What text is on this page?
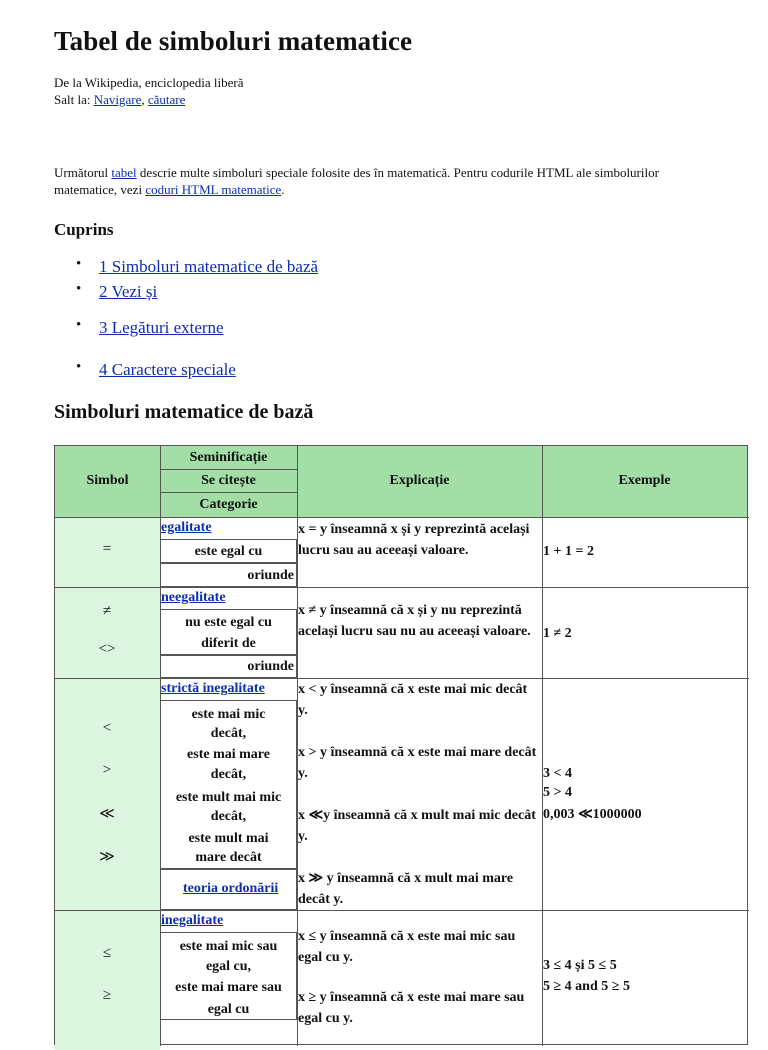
Tabel de simboluri matematice
De la Wikipedia, enciclopedia liberă
Salt la: Navigare, căutare
Următorul tabel descrie multe simboluri speciale folosite des în matematică. Pentru codurile HTML ale simbolurilor matematice, vezi coduri HTML matematice.
Cuprins
• 1 Simboluri matematice de bază
• 2 Vezi și
• 3 Legături externe
• 4 Caractere speciale
Simboluri matematice de bază
Simbol
Seminificație
Se citește
Categorie
Explicație	Exemple
=
egalitate
este egal cu
oriunde
x = y înseamnă x și y reprezintă același lucru sau au aceeași valoare.	1 + 1 = 2
≠
<>
neegalitate
nu este egal cu
diferit de
oriunde
x ≠ y înseamnă că x și y nu reprezintă același lucru sau nu au aceeași valoare. 1 ≠ 2
<
>
≪
≫
strictă inegalitate
este mai mic
decât,
este mai mare
decât,
este mult mai mic
decât,
este mult mai
mare decât
teoria ordonării
x < y înseamnă că x este mai mic decât y.
x > y înseamnă că x este mai mare decât y.
x ≪y înseamnă că x mult mai mic decât y.
x ≫ y înseamnă că x mult mai mare decât y.
3 < 4
5 > 4
0,003 ≪1000000
≤
≥
inegalitate
este mai mic sau
egal cu,
este mai mare sau
egal cu
x ≤ y înseamnă că x este mai mic sau egal cu y.
x ≥ y înseamnă că x este mai mare sau egal cu y.
3 ≤ 4 și 5 ≤ 5
5 ≥ 4 and 5 ≥ 5
